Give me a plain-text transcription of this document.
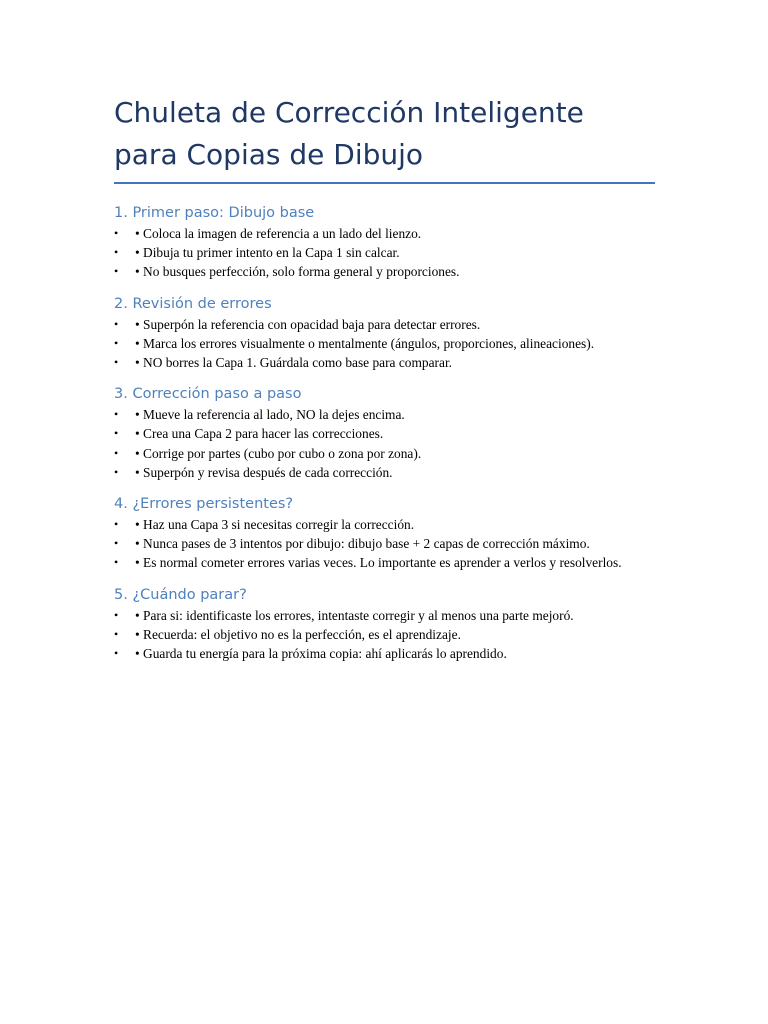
Chuleta de Corrección Inteligente para Copias de Dibujo
1. Primer paso: Dibujo base
• • Coloca la imagen de referencia a un lado del lienzo.
• • Dibuja tu primer intento en la Capa 1 sin calcar.
• • No busques perfección, solo forma general y proporciones.
2. Revisión de errores
• • Superpón la referencia con opacidad baja para detectar errores.
• • Marca los errores visualmente o mentalmente (ángulos, proporciones, alineaciones).
• • NO borres la Capa 1. Guárdala como base para comparar.
3. Corrección paso a paso
• • Mueve la referencia al lado, NO la dejes encima.
• • Crea una Capa 2 para hacer las correcciones.
• • Corrige por partes (cubo por cubo o zona por zona).
• • Superpón y revisa después de cada corrección.
4. ¿Errores persistentes?
• • Haz una Capa 3 si necesitas corregir la corrección.
• • Nunca pases de 3 intentos por dibujo: dibujo base + 2 capas de corrección máximo.
• • Es normal cometer errores varias veces. Lo importante es aprender a verlos y resolverlos.
5. ¿Cuándo parar?
• • Para si: identificaste los errores, intentaste corregir y al menos una parte mejoró.
• • Recuerda: el objetivo no es la perfección, es el aprendizaje.
• • Guarda tu energía para la próxima copia: ahí aplicarás lo aprendido.
